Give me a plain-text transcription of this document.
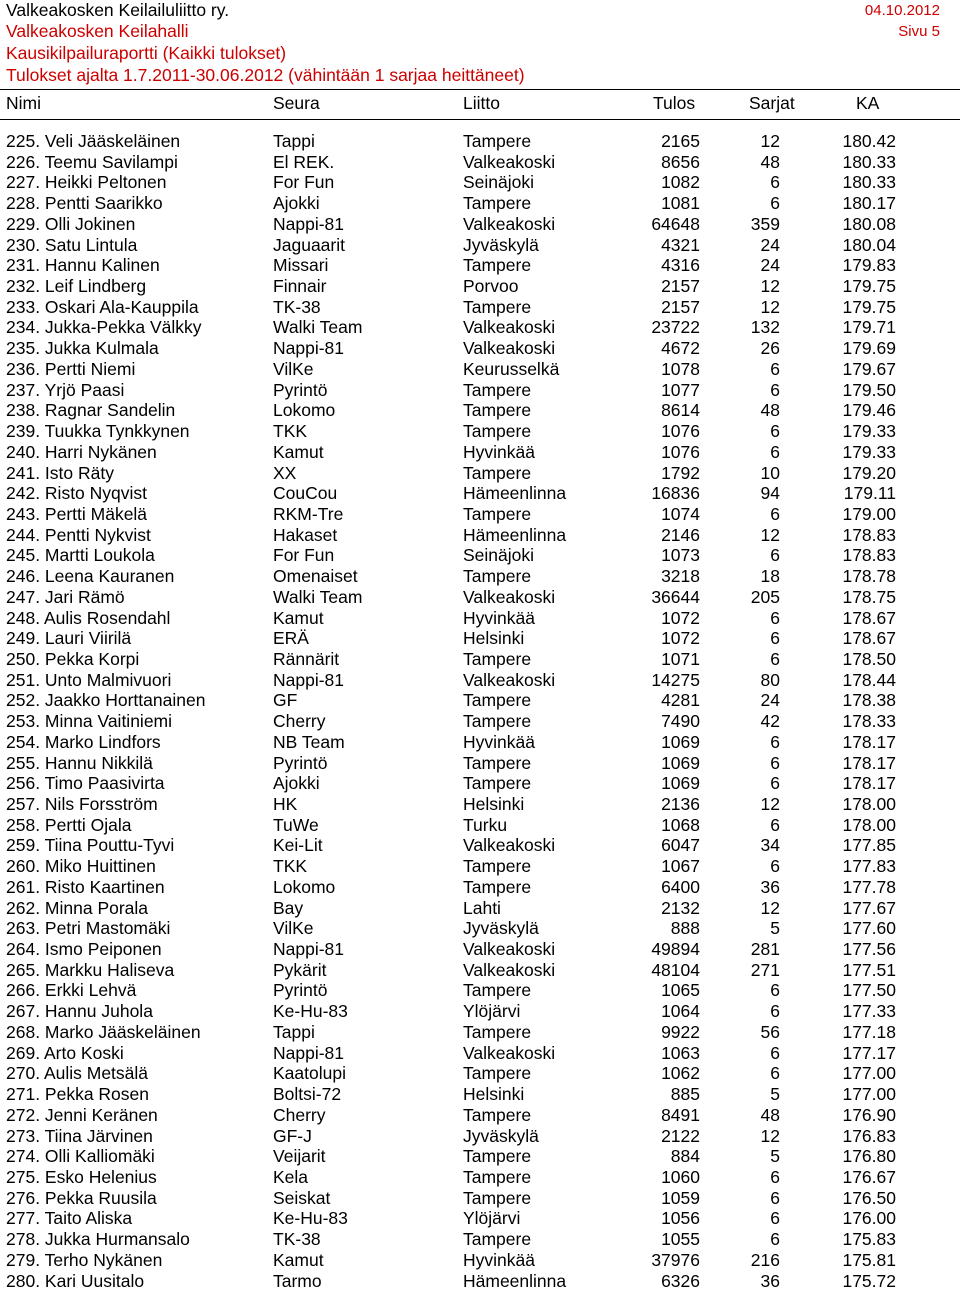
Valkeakosken Keilailuliitto ry.
Valkeakosken Keilahalli
Kausikilpailuraportti (Kaikki tulokset)
Tulokset ajalta 1.7.2011-30.06.2012 (vähintään 1 sarjaa heittäneet)
04.10.2012
Sivu 5
Nimi	Seura	Liitto	Tulos	Sarjat	KA
225. Veli Jääskeläinen	Tappi	Tampere	2165	12	180.42
226. Teemu Savilampi	El REK.	Valkeakoski	8656	48	180.33
227. Heikki Peltonen	For Fun	Seinäjoki	1082	6	180.33
228. Pentti Saarikko	Ajokki	Tampere	1081	6	180.17
229. Olli Jokinen	Nappi-81	Valkeakoski	64648	359	180.08
230. Satu Lintula	Jaguaarit	Jyväskylä	4321	24	180.04
231. Hannu Kalinen	Missari	Tampere	4316	24	179.83
232. Leif Lindberg	Finnair	Porvoo	2157	12	179.75
233. Oskari Ala-Kauppila	TK-38	Tampere	2157	12	179.75
234. Jukka-Pekka Välkky	Walki Team	Valkeakoski	23722	132	179.71
235. Jukka Kulmala	Nappi-81	Valkeakoski	4672	26	179.69
236. Pertti Niemi	VilKe	Keurusselkä	1078	6	179.67
237. Yrjö Paasi	Pyrintö	Tampere	1077	6	179.50
238. Ragnar Sandelin	Lokomo	Tampere	8614	48	179.46
239. Tuukka Tynkkynen	TKK	Tampere	1076	6	179.33
240. Harri Nykänen	Kamut	Hyvinkää	1076	6	179.33
241. Isto Räty	XX	Tampere	1792	10	179.20
242. Risto Nyqvist	CouCou	Hämeenlinna	16836	94	179.11
243. Pertti Mäkelä	RKM-Tre	Tampere	1074	6	179.00
244. Pentti Nykvist	Hakaset	Hämeenlinna	2146	12	178.83
245. Martti Loukola	For Fun	Seinäjoki	1073	6	178.83
246. Leena Kauranen	Omenaiset	Tampere	3218	18	178.78
247. Jari Rämö	Walki Team	Valkeakoski	36644	205	178.75
248. Aulis Rosendahl	Kamut	Hyvinkää	1072	6	178.67
249. Lauri Viirilä	ERÄ	Helsinki	1072	6	178.67
250. Pekka Korpi	Rännärit	Tampere	1071	6	178.50
251. Unto Malmivuori	Nappi-81	Valkeakoski	14275	80	178.44
252. Jaakko Horttanainen	GF	Tampere	4281	24	178.38
253. Minna Vaitiniemi	Cherry	Tampere	7490	42	178.33
254. Marko Lindfors	NB Team	Hyvinkää	1069	6	178.17
255. Hannu Nikkilä	Pyrintö	Tampere	1069	6	178.17
256. Timo Paasivirta	Ajokki	Tampere	1069	6	178.17
257. Nils Forsström	HK	Helsinki	2136	12	178.00
258. Pertti Ojala	TuWe	Turku	1068	6	178.00
259. Tiina Pouttu-Tyvi	Kei-Lit	Valkeakoski	6047	34	177.85
260. Miko Huittinen	TKK	Tampere	1067	6	177.83
261. Risto Kaartinen	Lokomo	Tampere	6400	36	177.78
262. Minna Porala	Bay	Lahti	2132	12	177.67
263. Petri Mastomäki	VilKe	Jyväskylä	888	5	177.60
264. Ismo Peiponen	Nappi-81	Valkeakoski	49894	281	177.56
265. Markku Haliseva	Pykärit	Valkeakoski	48104	271	177.51
266. Erkki Lehvä	Pyrintö	Tampere	1065	6	177.50
267. Hannu Juhola	Ke-Hu-83	Ylöjärvi	1064	6	177.33
268. Marko Jääskeläinen	Tappi	Tampere	9922	56	177.18
269. Arto Koski	Nappi-81	Valkeakoski	1063	6	177.17
270. Aulis Metsälä	Kaatolupi	Tampere	1062	6	177.00
271. Pekka Rosen	Boltsi-72	Helsinki	885	5	177.00
272. Jenni Keränen	Cherry	Tampere	8491	48	176.90
273. Tiina Järvinen	GF-J	Jyväskylä	2122	12	176.83
274. Olli Kalliomäki	Veijarit	Tampere	884	5	176.80
275. Esko Helenius	Kela	Tampere	1060	6	176.67
276. Pekka Ruusila	Seiskat	Tampere	1059	6	176.50
277. Taito Aliska	Ke-Hu-83	Ylöjärvi	1056	6	176.00
278. Jukka Hurmansalo	TK-38	Tampere	1055	6	175.83
279. Terho Nykänen	Kamut	Hyvinkää	37976	216	175.81
280. Kari Uusitalo	Tarmo	Hämeenlinna	6326	36	175.72
